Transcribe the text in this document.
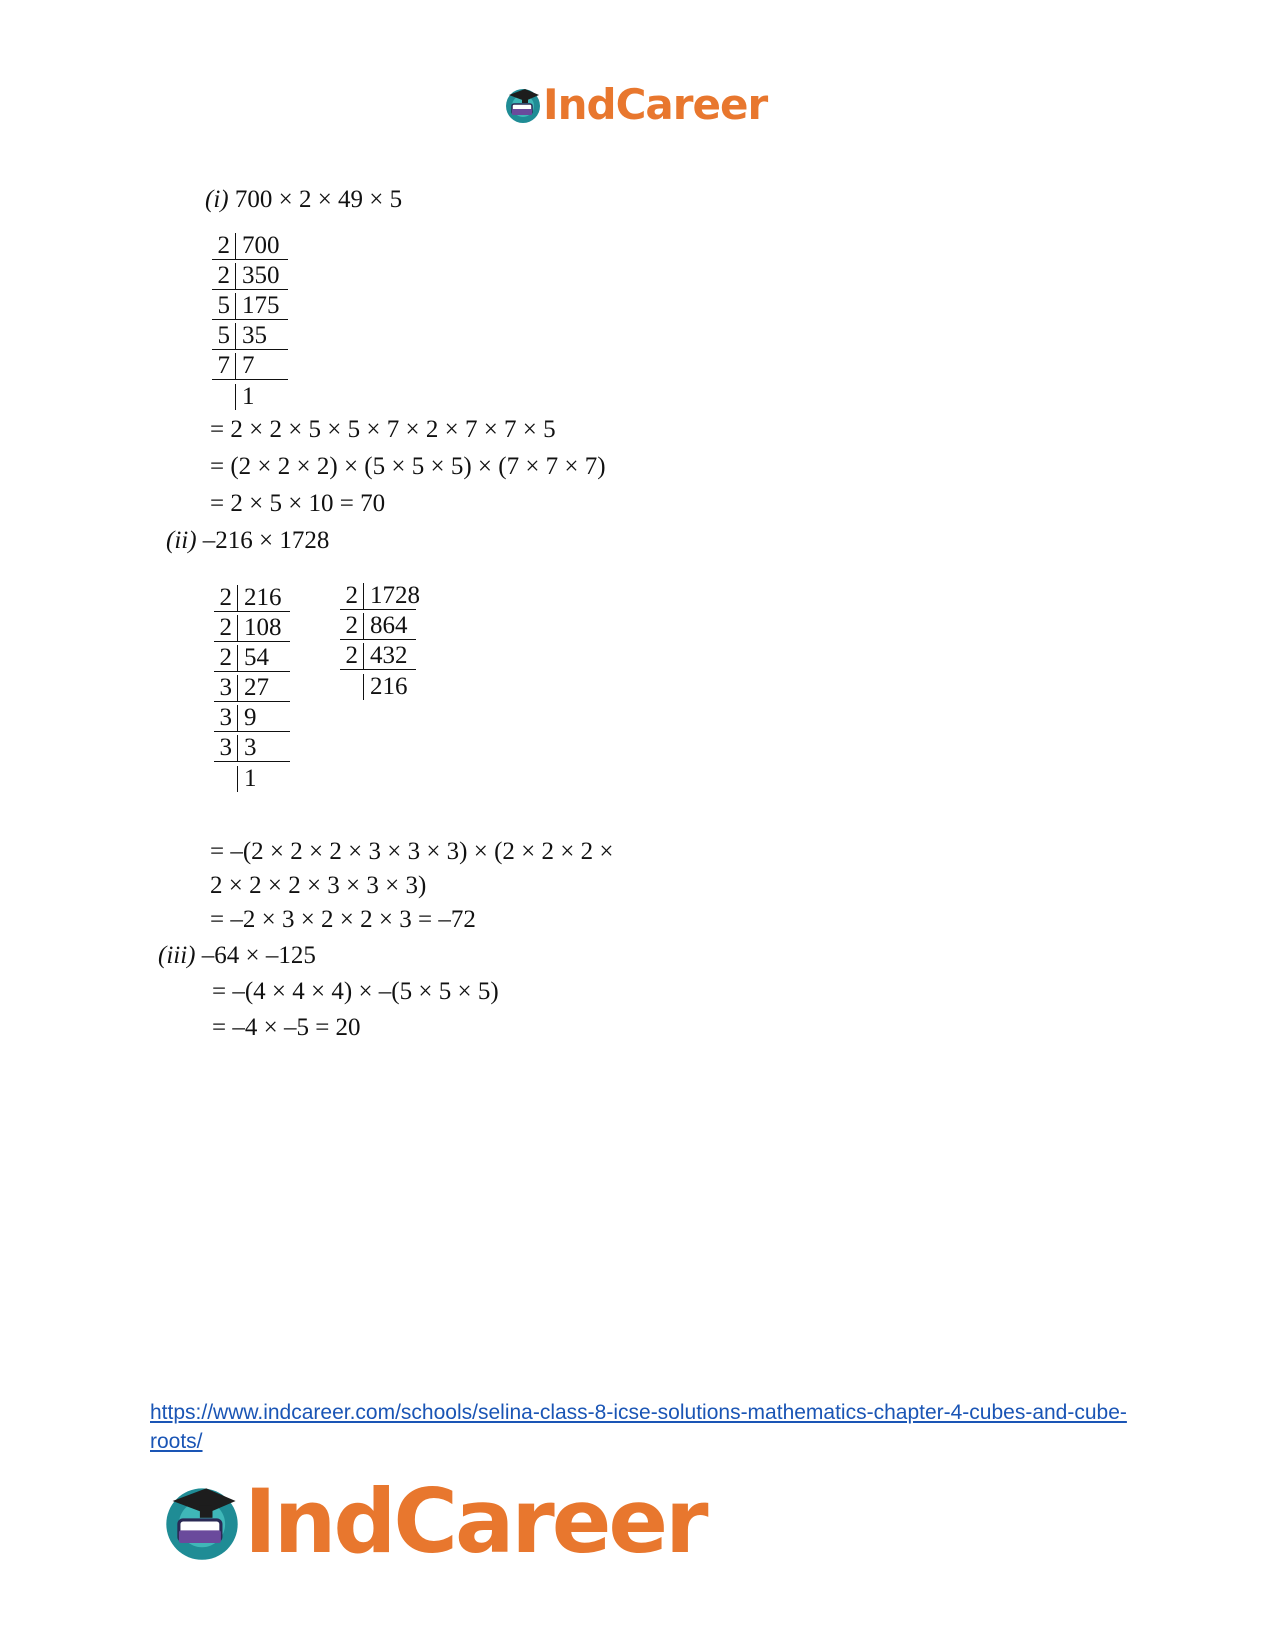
IndCareer
(i) 700 × 2 × 49 × 5
2 700
2 350
5 175
5 35
7 7
1
= 2 × 2 × 5 × 5 × 7 × 2 × 7 × 7 × 5
= (2 × 2 × 2) × (5 × 5 × 5) × (7 × 7 × 7)
= 2 × 5 × 10 = 70
(ii) –216 × 1728
2 216
2 108
2 54
3 27
3 9
3 3
1
2 1728
2 864
2 432
216
= –(2 × 2 × 2 × 3 × 3 × 3) × (2 × 2 × 2 ×
2 × 2 × 2 × 3 × 3 × 3)
= –2 × 3 × 2 × 2 × 3 = –72
(iii) –64 × –125
= –(4 × 4 × 4) × –(5 × 5 × 5)
= –4 × –5 = 20
https://www.indcareer.com/schools/selina-class-8-icse-solutions-mathematics-chapter-4-cubes-and-cube-roots/
IndCareer
